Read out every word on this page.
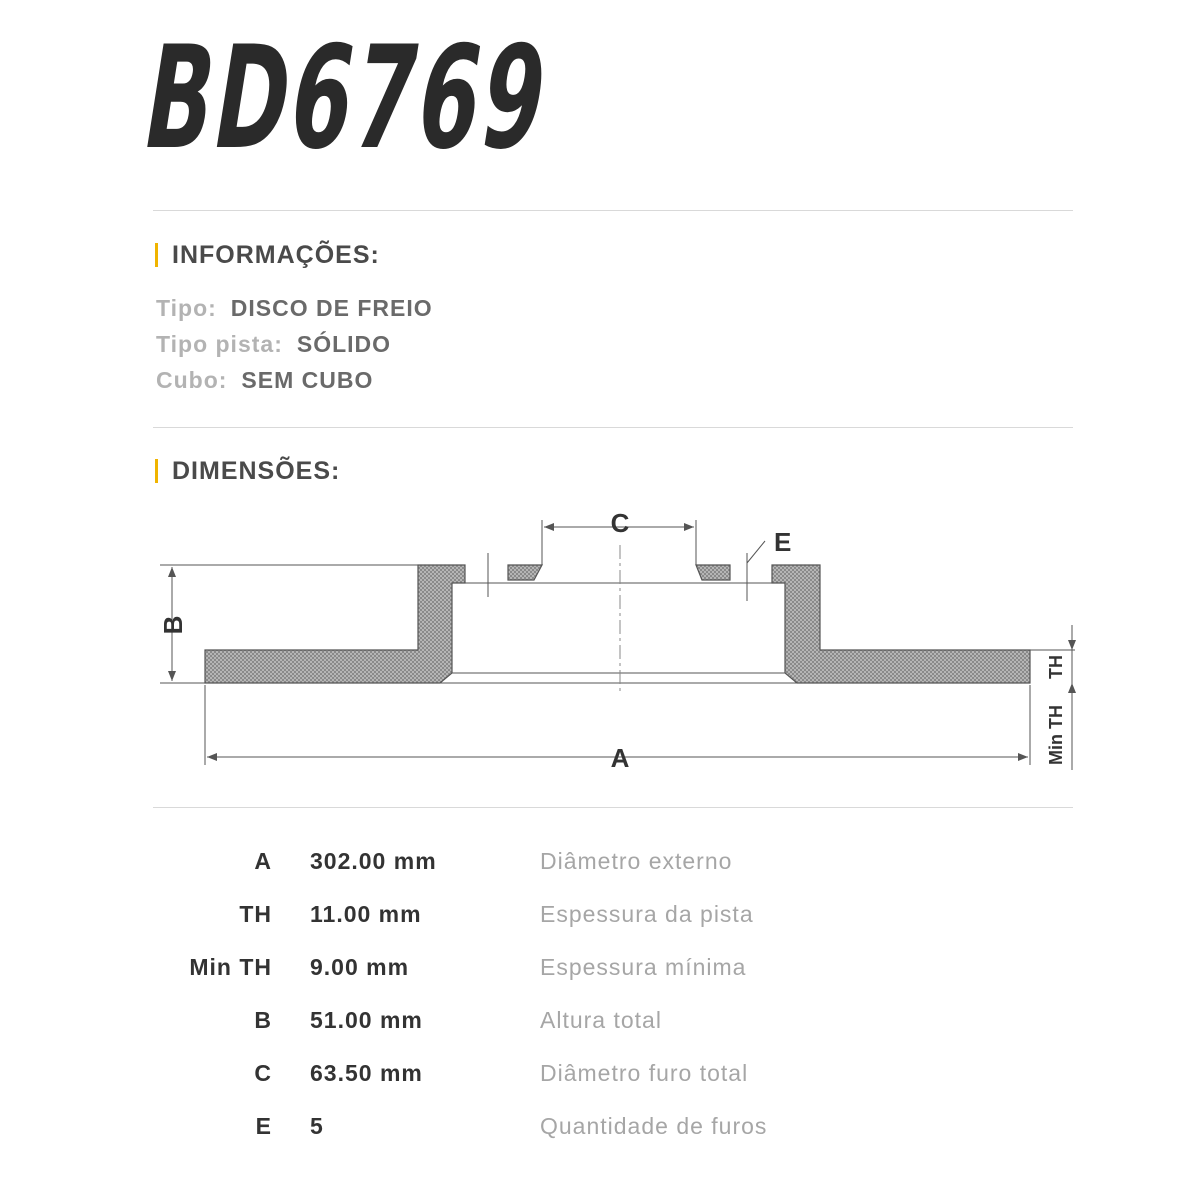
BD6769
INFORMAÇÕES:
Tipo: DISCO DE FREIO
Tipo pista: SÓLIDO
Cubo: SEM CUBO
DIMENSÕES:
B
A
C
E
TH
Min TH
A 302.00 mm	Diâmetro externo
TH 11.00 mm	Espessura da pista
Min TH 9.00 mm	Espessura mínima
B 51.00 mm	Altura total
C 63.50 mm	Diâmetro furo total
E 5	Quantidade de furos
